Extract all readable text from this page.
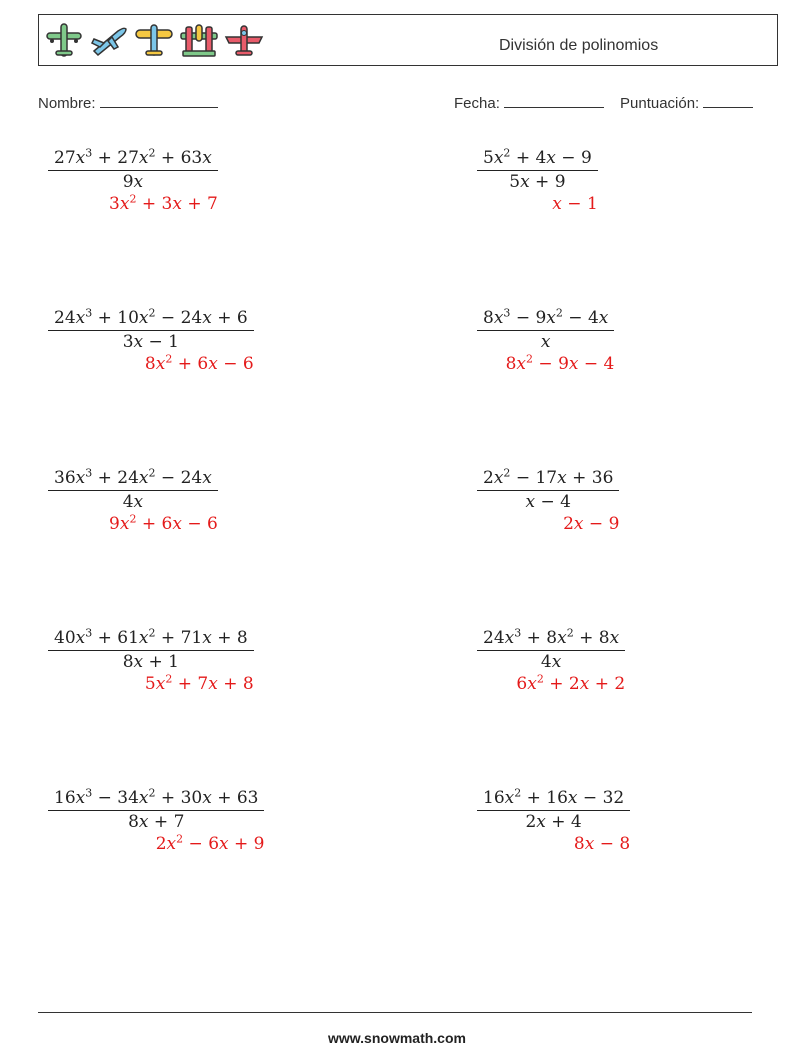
División de polinomios
Nombre:	Fecha:	Puntuación:
$27x^3 + 27x^2 + 63x$
9x
$3x^2 + 3x + 7$
$5x^2 + 4x - 9$
5x + 9
x − 1
$24x^3 + 10x^2 - 24x + 6$
3x − 1
$8x^2 + 6x - 6$
$8x^3 - 9x^2 - 4x$
x
$8x^2 - 9x - 4$
$36x^3 + 24x^2 - 24x$
4x
$9x^2 + 6x - 6$
$2x^2 - 17x + 36$
x − 4
2x − 9
$40x^3 + 61x^2 + 71x + 8$
8x + 1
$5x^2 + 7x + 8$
$24x^3 + 8x^2 + 8x$
4x
$6x^2 + 2x + 2$
$16x^3 - 34x^2 + 30x + 63$
8x + 7
$2x^2 - 6x + 9$
$16x^2 + 16x - 32$
2x + 4
8x − 8
www.snowmath.com
